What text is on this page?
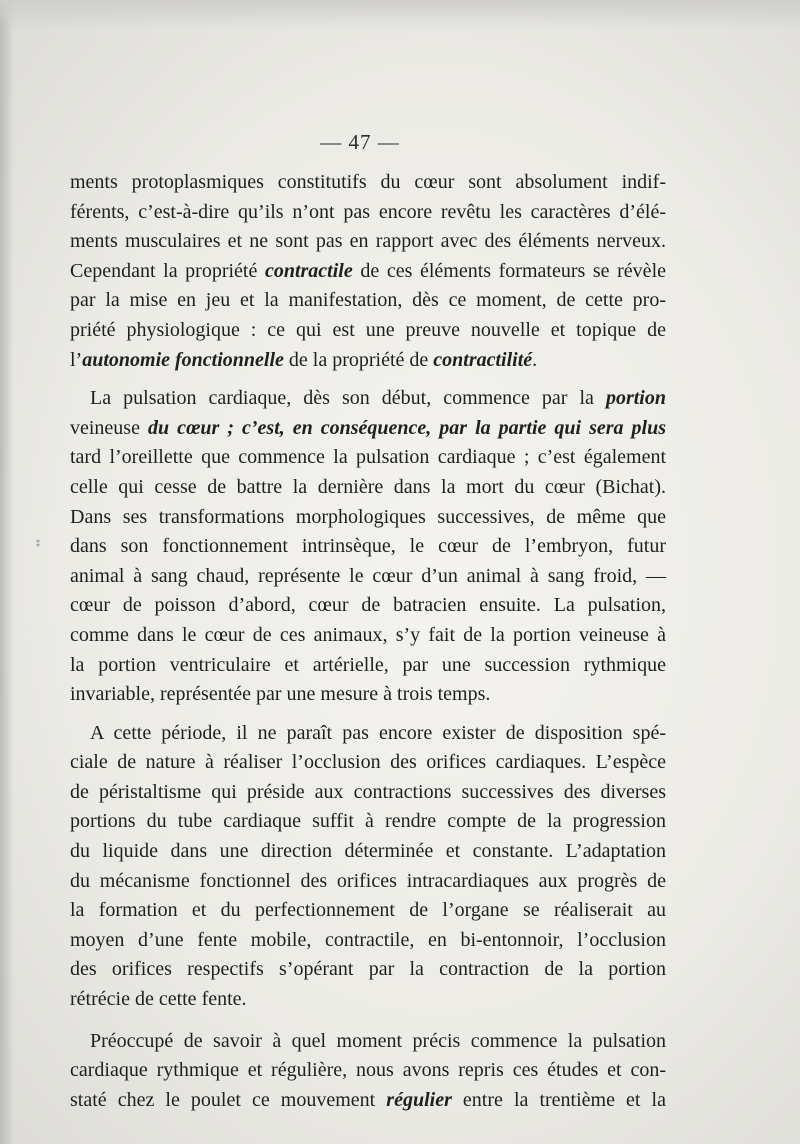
— 47 —
⁑
ments protoplasmiques constitutifs du cœur sont absolument indif-
férents, c’est-à-dire qu’ils n’ont pas encore revêtu les caractères d’élé-
ments musculaires et ne sont pas en rapport avec des éléments nerveux.
Cependant la propriété contractile de ces éléments formateurs se révèle
par la mise en jeu et la manifestation, dès ce moment, de cette pro-
priété physiologique : ce qui est une preuve nouvelle et topique de
l’autonomie fonctionnelle de la propriété de contractilité.
La pulsation cardiaque, dès son début, commence par la portion
veineuse du cœur ; c’est, en conséquence, par la partie qui sera plus
tard l’oreillette que commence la pulsation cardiaque ; c’est également
celle qui cesse de battre la dernière dans la mort du cœur (Bichat).
Dans ses transformations morphologiques successives, de même que
dans son fonctionnement intrinsèque, le cœur de l’embryon, futur
animal à sang chaud, représente le cœur d’un animal à sang froid, —
cœur de poisson d’abord, cœur de batracien ensuite. La pulsation,
comme dans le cœur de ces animaux, s’y fait de la portion veineuse à
la portion ventriculaire et artérielle, par une succession rythmique
invariable, représentée par une mesure à trois temps.
A cette période, il ne paraît pas encore exister de disposition spé-
ciale de nature à réaliser l’occlusion des orifices cardiaques. L’espèce
de péristaltisme qui préside aux contractions successives des diverses
portions du tube cardiaque suffit à rendre compte de la progression
du liquide dans une direction déterminée et constante. L’adaptation
du mécanisme fonctionnel des orifices intracardiaques aux progrès de
la formation et du perfectionnement de l’organe se réaliserait au
moyen d’une fente mobile, contractile, en bi-entonnoir, l’occlusion
des orifices respectifs s’opérant par la contraction de la portion
rétrécie de cette fente.
Préoccupé de savoir à quel moment précis commence la pulsation
cardiaque rythmique et régulière, nous avons repris ces études et con-
staté chez le poulet ce mouvement régulier entre la trentième et la
